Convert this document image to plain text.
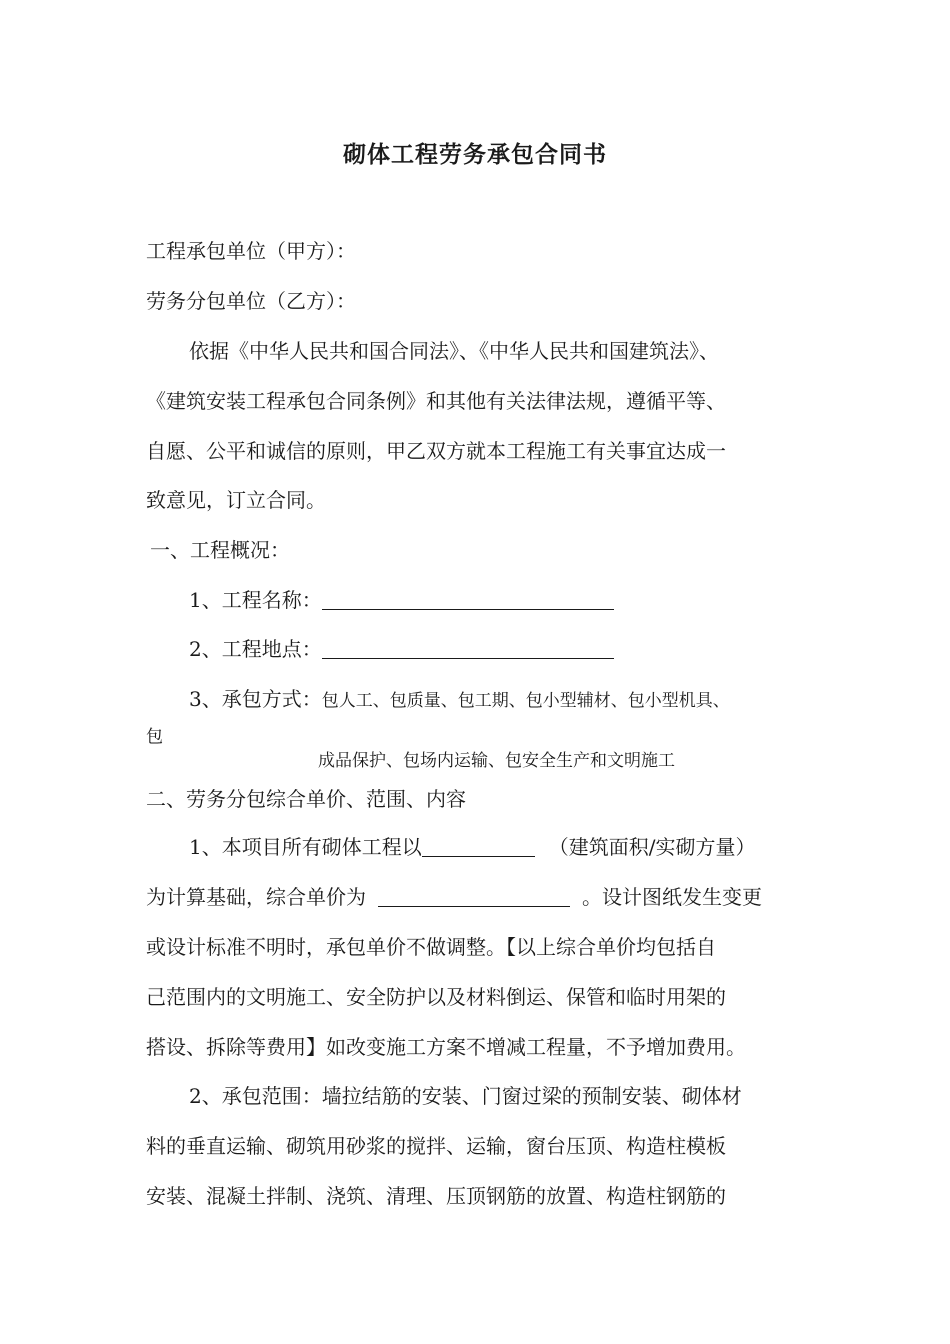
砌体工程劳务承包合同书
工程承包单位（甲方）：
劳务分包单位（乙方）：
依据《中华人民共和国合同法》、《中华人民共和国建筑法》、
《建筑安装工程承包合同条例》和其他有关法律法规，遵循平等、
自愿、公平和诚信的原则，甲乙双方就本工程施工有关事宜达成一
致意见，订立合同。
一、工程概况：
1、工程名称：
2、工程地点：
3、承包方式：包人工、包质量、包工期、包小型辅材、包小型机具、
包
成品保护、包场内运输、包安全生产和文明施工
二、劳务分包综合单价、范围、内容
1、本项目所有砌体工程以	（建筑面积/实砌方量）
为计算基础，综合单价为	。设计图纸发生变更
或设计标准不明时，承包单价不做调整。【以上综合单价均包括自
己范围内的文明施工、安全防护以及材料倒运、保管和临时用架的
搭设、拆除等费用】如改变施工方案不增减工程量，不予增加费用。
2、承包范围：墙拉结筋的安装、门窗过梁的预制安装、砌体材
料的垂直运输、砌筑用砂浆的搅拌、运输，窗台压顶、构造柱模板
安装、混凝土拌制、浇筑、清理、压顶钢筋的放置、构造柱钢筋的
